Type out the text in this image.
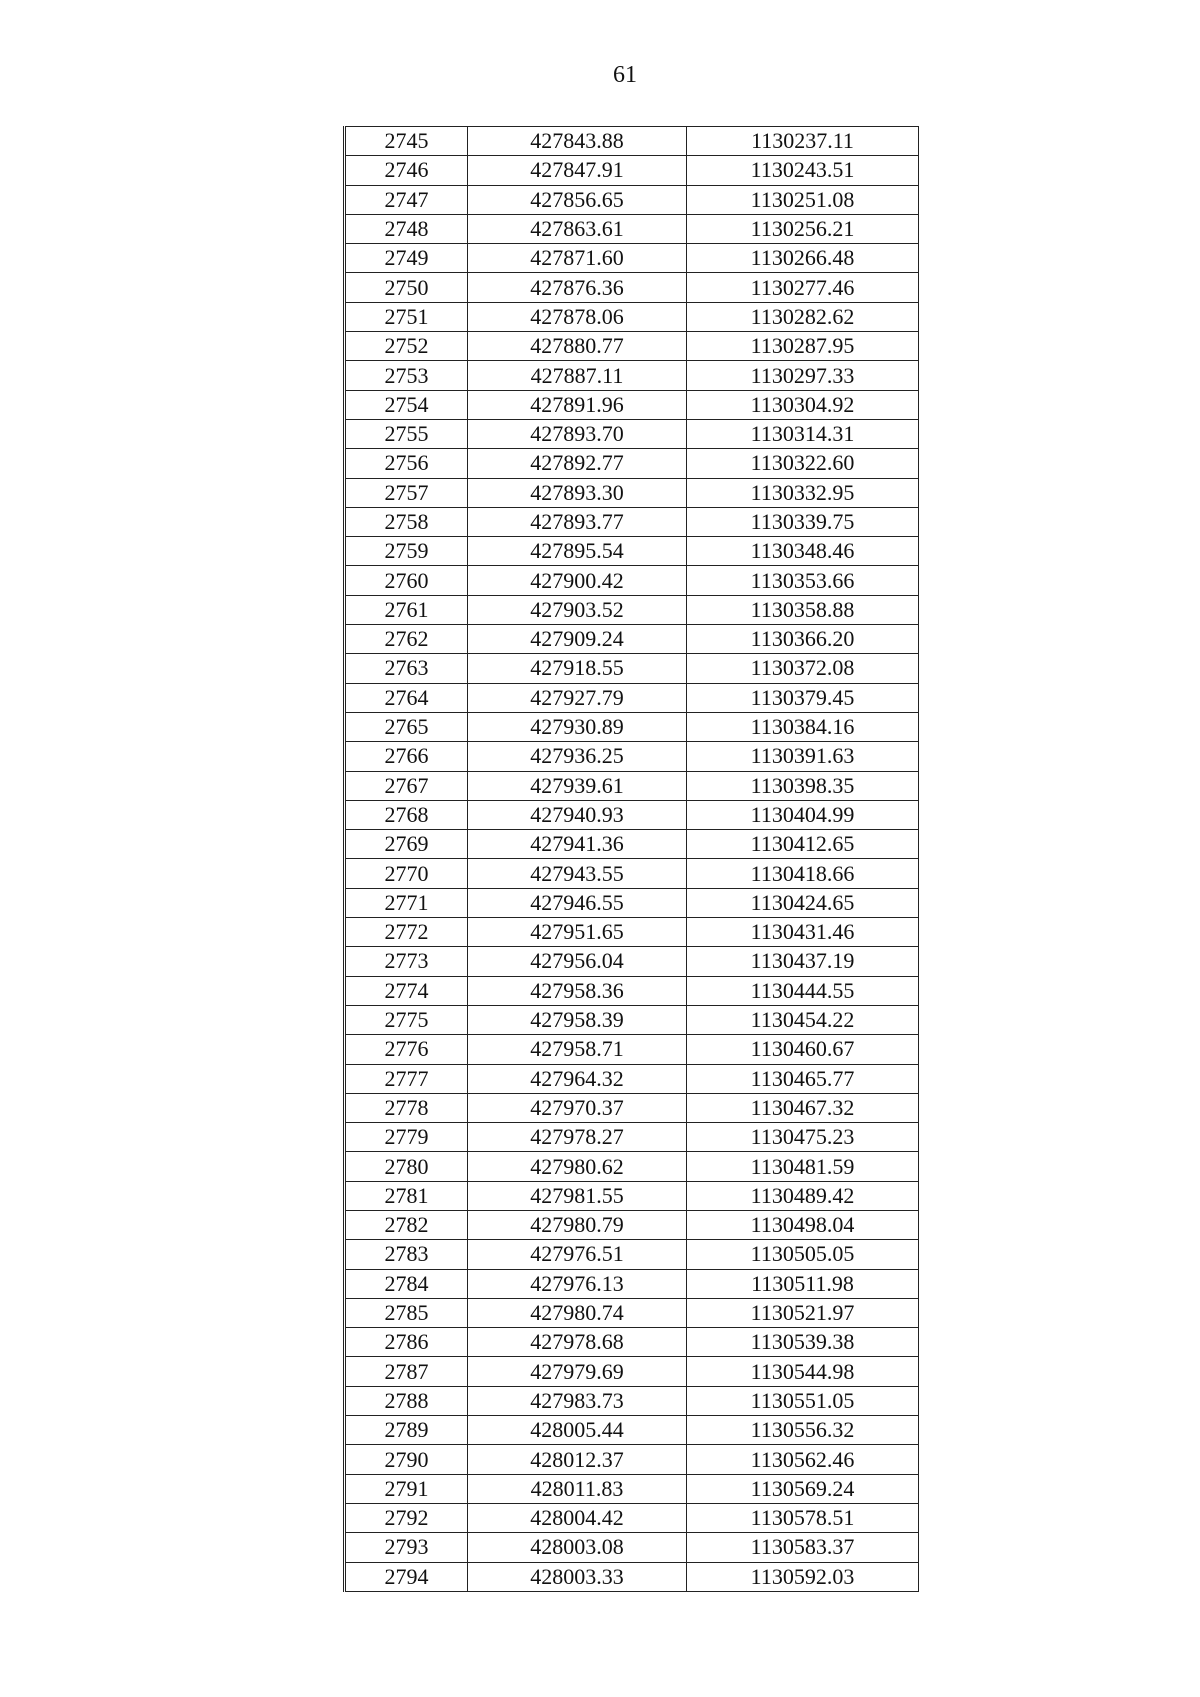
61
2745	427843.88	1130237.11
2746	427847.91	1130243.51
2747	427856.65	1130251.08
2748	427863.61	1130256.21
2749	427871.60	1130266.48
2750	427876.36	1130277.46
2751	427878.06	1130282.62
2752	427880.77	1130287.95
2753	427887.11	1130297.33
2754	427891.96	1130304.92
2755	427893.70	1130314.31
2756	427892.77	1130322.60
2757	427893.30	1130332.95
2758	427893.77	1130339.75
2759	427895.54	1130348.46
2760	427900.42	1130353.66
2761	427903.52	1130358.88
2762	427909.24	1130366.20
2763	427918.55	1130372.08
2764	427927.79	1130379.45
2765	427930.89	1130384.16
2766	427936.25	1130391.63
2767	427939.61	1130398.35
2768	427940.93	1130404.99
2769	427941.36	1130412.65
2770	427943.55	1130418.66
2771	427946.55	1130424.65
2772	427951.65	1130431.46
2773	427956.04	1130437.19
2774	427958.36	1130444.55
2775	427958.39	1130454.22
2776	427958.71	1130460.67
2777	427964.32	1130465.77
2778	427970.37	1130467.32
2779	427978.27	1130475.23
2780	427980.62	1130481.59
2781	427981.55	1130489.42
2782	427980.79	1130498.04
2783	427976.51	1130505.05
2784	427976.13	1130511.98
2785	427980.74	1130521.97
2786	427978.68	1130539.38
2787	427979.69	1130544.98
2788	427983.73	1130551.05
2789	428005.44	1130556.32
2790	428012.37	1130562.46
2791	428011.83	1130569.24
2792	428004.42	1130578.51
2793	428003.08	1130583.37
2794	428003.33	1130592.03
